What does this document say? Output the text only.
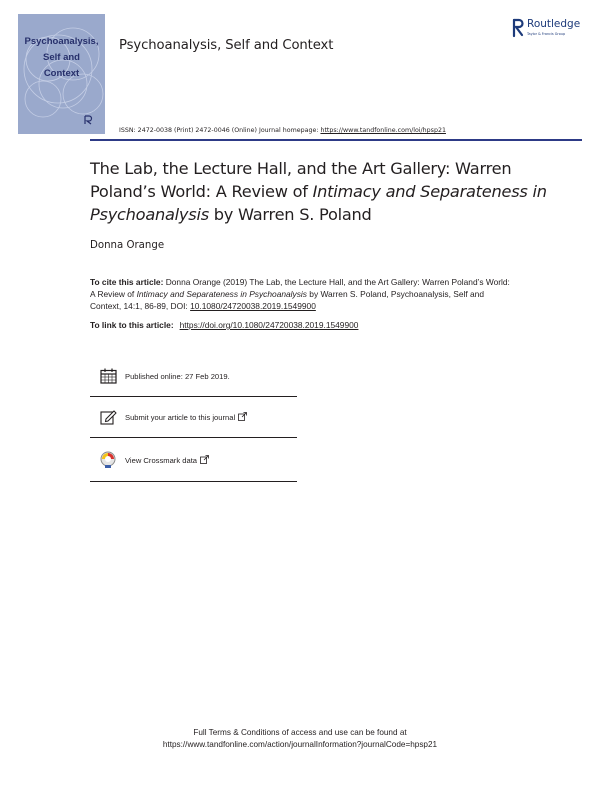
Psychoanalysis,
Self and
Context
Psychoanalysis, Self and Context
Routledge
Taylor & Francis Group
ISSN: 2472-0038 (Print) 2472-0046 (Online) Journal homepage: https://www.tandfonline.com/loi/hpsp21
The Lab, the Lecture Hall, and the Art Gallery: Warren Poland’s World: A Review of Intimacy and Separateness in Psychoanalysis by Warren S. Poland
Donna Orange
To cite this article: Donna Orange (2019) The Lab, the Lecture Hall, and the Art Gallery: Warren Poland’s World: A Review of Intimacy and Separateness in Psychoanalysis by Warren S. Poland, Psychoanalysis, Self and Context, 14:1, 86-89, DOI: 10.1080/24720038.2019.1549900
To link to this article: https://doi.org/10.1080/24720038.2019.1549900
Published online: 27 Feb 2019.
Submit your article to this journal
View Crossmark data
Full Terms & Conditions of access and use can be found at
https://www.tandfonline.com/action/journalInformation?journalCode=hpsp21
